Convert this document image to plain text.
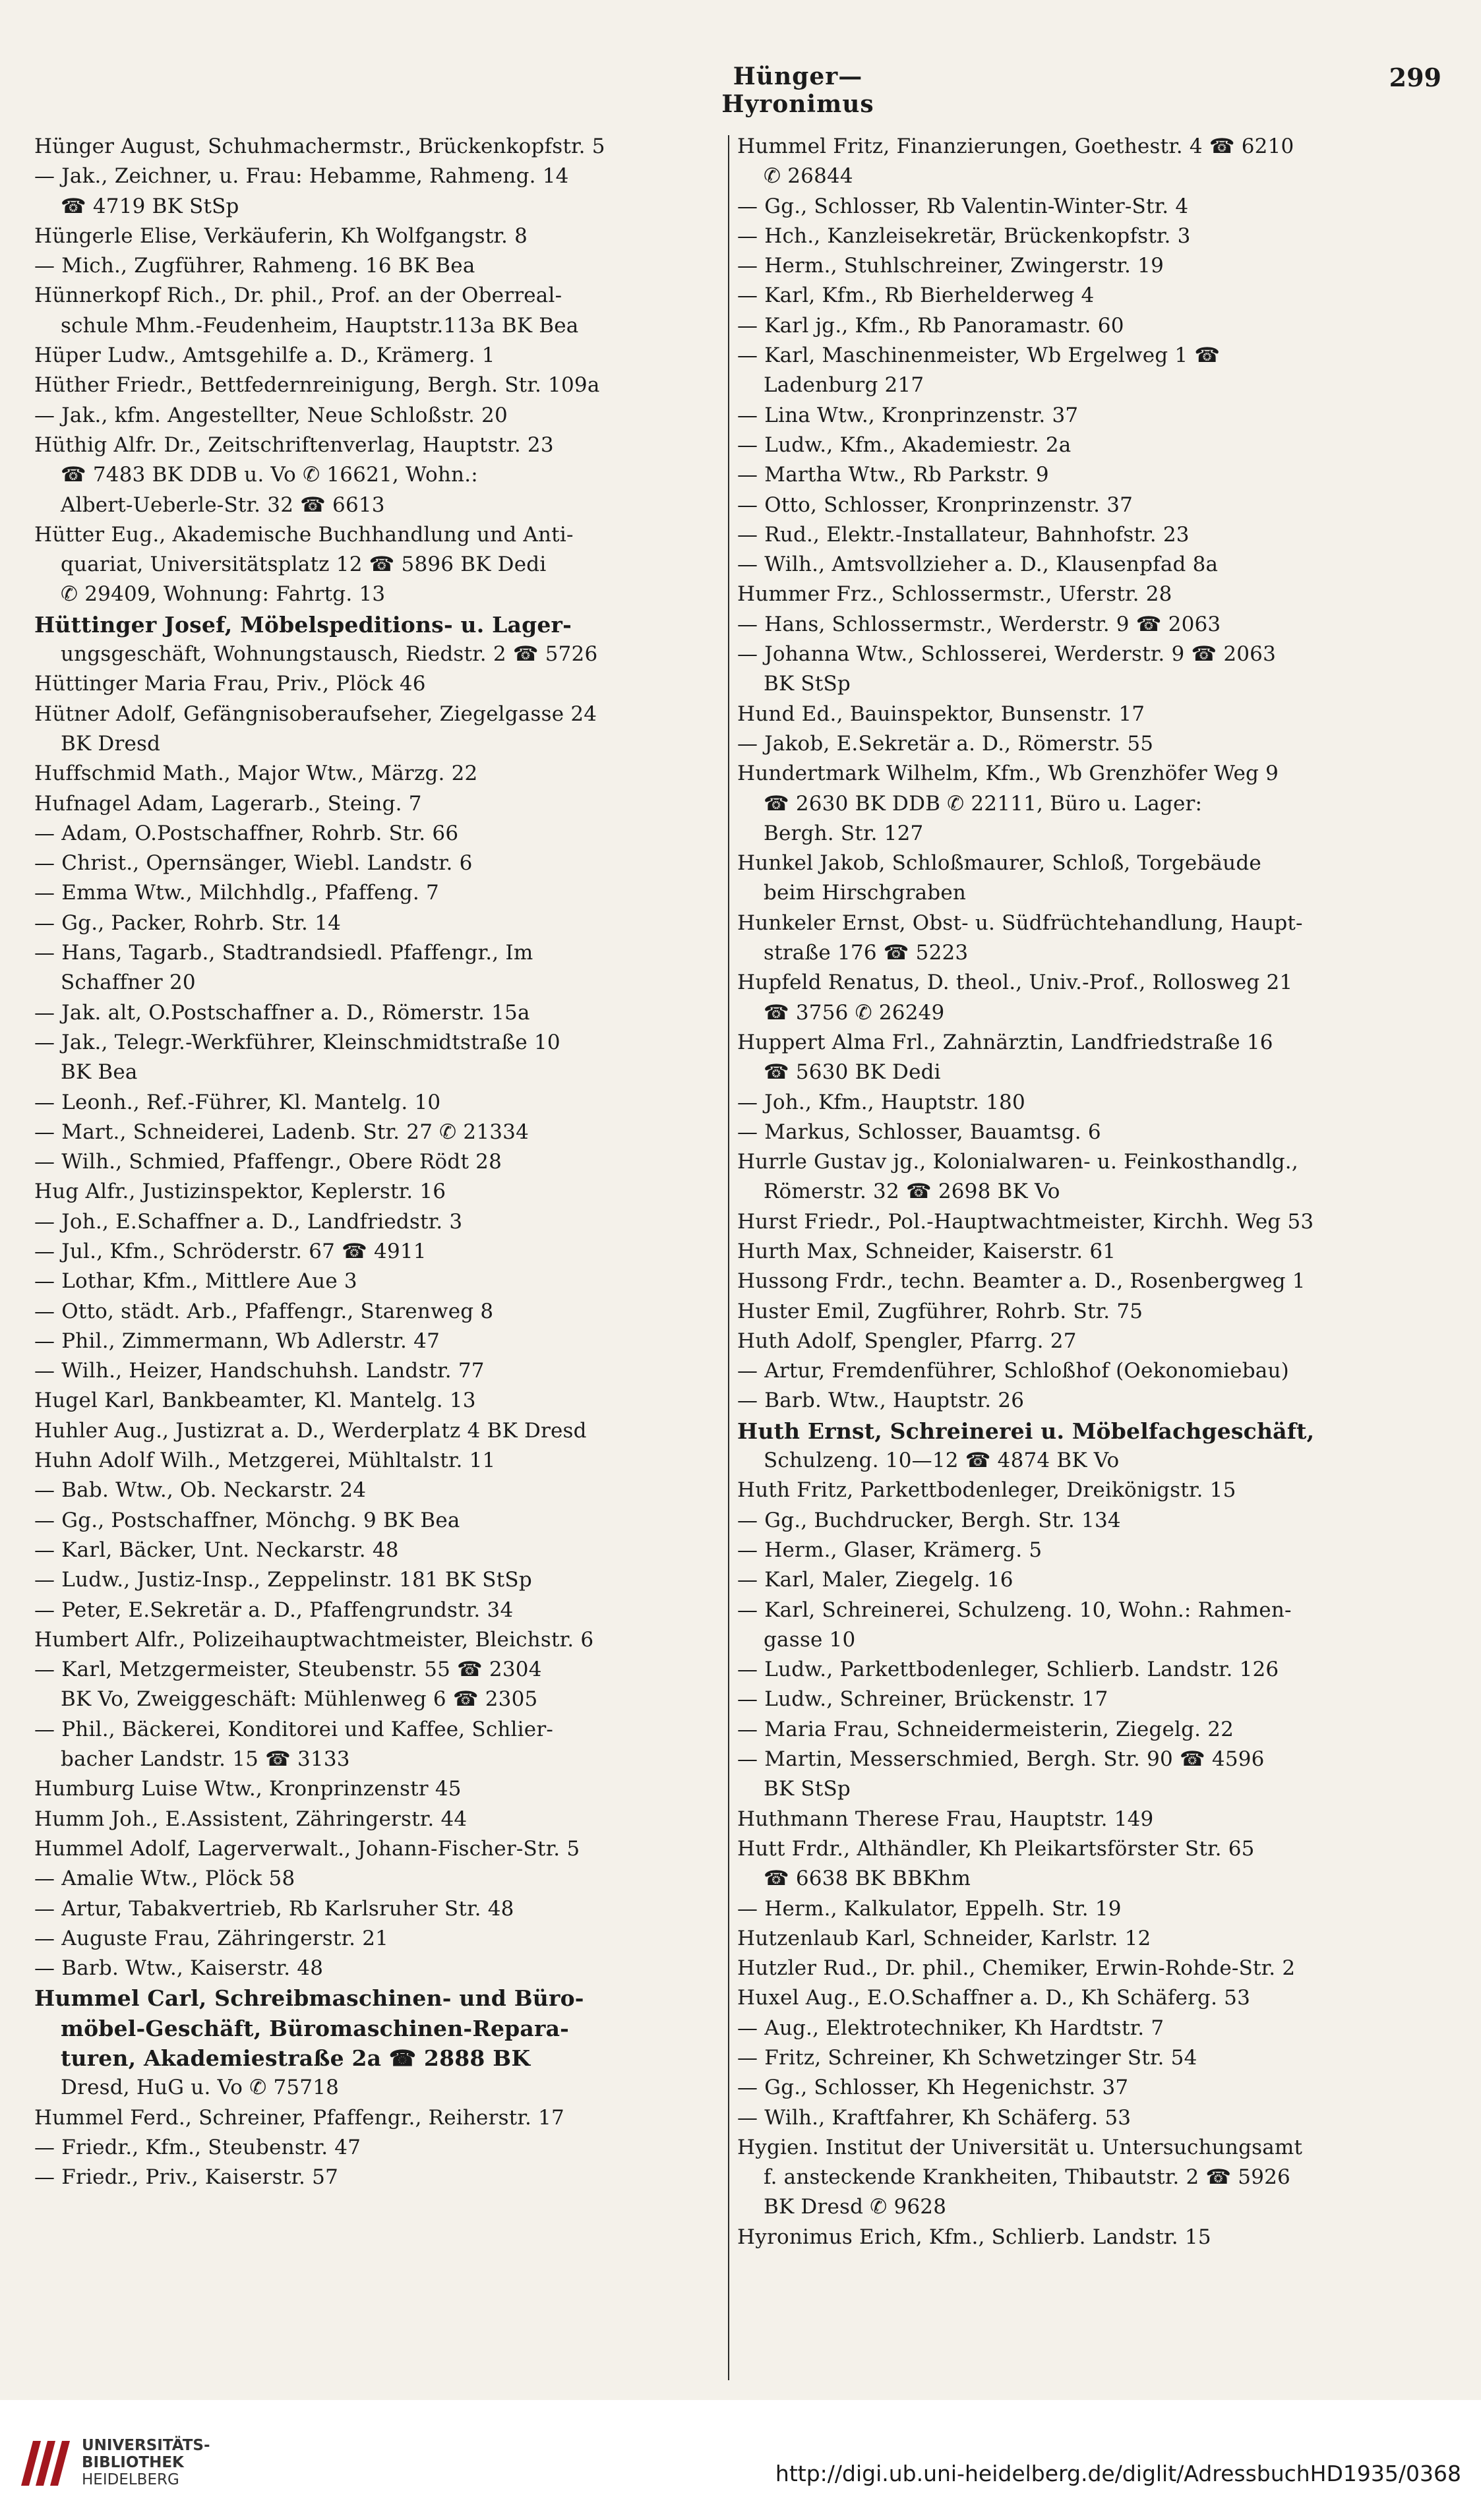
Hünger—Hyronimus
299
Hünger August, Schuhmachermstr., Brückenkopfstr. 5
— Jak., Zeichner, u. Frau: Hebamme, Rahmeng. 14
☎ 4719 BK StSp
Hüngerle Elise, Verkäuferin, Kh Wolfgangstr. 8
— Mich., Zugführer, Rahmeng. 16 BK Bea
Hünnerkopf Rich., Dr. phil., Prof. an der Oberreal-
schule Mhm.-Feudenheim, Hauptstr.113a BK Bea
Hüper Ludw., Amtsgehilfe a. D., Krämerg. 1
Hüther Friedr., Bettfedernreinigung, Bergh. Str. 109a
— Jak., kfm. Angestellter, Neue Schloßstr. 20
Hüthig Alfr. Dr., Zeitschriftenverlag, Hauptstr. 23
☎ 7483 BK DDB u. Vo ✆ 16621, Wohn.:
Albert-Ueberle-Str. 32 ☎ 6613
Hütter Eug., Akademische Buchhandlung und Anti-
quariat, Universitätsplatz 12 ☎ 5896 BK Dedi
✆ 29409, Wohnung: Fahrtg. 13
Hüttinger Josef, Möbelspeditions- u. Lager-
ungsgeschäft, Wohnungstausch, Riedstr. 2 ☎ 5726
Hüttinger Maria Frau, Priv., Plöck 46
Hütner Adolf, Gefängnisoberaufseher, Ziegelgasse 24
BK Dresd
Huffschmid Math., Major Wtw., Märzg. 22
Hufnagel Adam, Lagerarb., Steing. 7
— Adam, O.Postschaffner, Rohrb. Str. 66
— Christ., Opernsänger, Wiebl. Landstr. 6
— Emma Wtw., Milchhdlg., Pfaffeng. 7
— Gg., Packer, Rohrb. Str. 14
— Hans, Tagarb., Stadtrandsiedl. Pfaffengr., Im
Schaffner 20
— Jak. alt, O.Postschaffner a. D., Römerstr. 15a
— Jak., Telegr.-Werkführer, Kleinschmidtstraße 10
BK Bea
— Leonh., Ref.-Führer, Kl. Mantelg. 10
— Mart., Schneiderei, Ladenb. Str. 27 ✆ 21334
— Wilh., Schmied, Pfaffengr., Obere Rödt 28
Hug Alfr., Justizinspektor, Keplerstr. 16
— Joh., E.Schaffner a. D., Landfriedstr. 3
— Jul., Kfm., Schröderstr. 67 ☎ 4911
— Lothar, Kfm., Mittlere Aue 3
— Otto, städt. Arb., Pfaffengr., Starenweg 8
— Phil., Zimmermann, Wb Adlerstr. 47
— Wilh., Heizer, Handschuhsh. Landstr. 77
Hugel Karl, Bankbeamter, Kl. Mantelg. 13
Huhler Aug., Justizrat a. D., Werderplatz 4 BK Dresd
Huhn Adolf Wilh., Metzgerei, Mühltalstr. 11
— Bab. Wtw., Ob. Neckarstr. 24
— Gg., Postschaffner, Mönchg. 9 BK Bea
— Karl, Bäcker, Unt. Neckarstr. 48
— Ludw., Justiz-Insp., Zeppelinstr. 181 BK StSp
— Peter, E.Sekretär a. D., Pfaffengrundstr. 34
Humbert Alfr., Polizeihauptwachtmeister, Bleichstr. 6
— Karl, Metzgermeister, Steubenstr. 55 ☎ 2304
BK Vo, Zweiggeschäft: Mühlenweg 6 ☎ 2305
— Phil., Bäckerei, Konditorei und Kaffee, Schlier-
bacher Landstr. 15 ☎ 3133
Humburg Luise Wtw., Kronprinzenstr 45
Humm Joh., E.Assistent, Zähringerstr. 44
Hummel Adolf, Lagerverwalt., Johann-Fischer-Str. 5
— Amalie Wtw., Plöck 58
— Artur, Tabakvertrieb, Rb Karlsruher Str. 48
— Auguste Frau, Zähringerstr. 21
— Barb. Wtw., Kaiserstr. 48
Hummel Carl, Schreibmaschinen- und Büro-
möbel-Geschäft, Büromaschinen-Repara-
turen, Akademiestraße 2a ☎ 2888 BK
Dresd, HuG u. Vo ✆ 75718
Hummel Ferd., Schreiner, Pfaffengr., Reiherstr. 17
— Friedr., Kfm., Steubenstr. 47
— Friedr., Priv., Kaiserstr. 57
Hummel Fritz, Finanzierungen, Goethestr. 4 ☎ 6210
✆ 26844
— Gg., Schlosser, Rb Valentin-Winter-Str. 4
— Hch., Kanzleisekretär, Brückenkopfstr. 3
— Herm., Stuhlschreiner, Zwingerstr. 19
— Karl, Kfm., Rb Bierhelderweg 4
— Karl jg., Kfm., Rb Panoramastr. 60
— Karl, Maschinenmeister, Wb Ergelweg 1 ☎
Ladenburg 217
— Lina Wtw., Kronprinzenstr. 37
— Ludw., Kfm., Akademiestr. 2a
— Martha Wtw., Rb Parkstr. 9
— Otto, Schlosser, Kronprinzenstr. 37
— Rud., Elektr.-Installateur, Bahnhofstr. 23
— Wilh., Amtsvollzieher a. D., Klausenpfad 8a
Hummer Frz., Schlossermstr., Uferstr. 28
— Hans, Schlossermstr., Werderstr. 9 ☎ 2063
— Johanna Wtw., Schlosserei, Werderstr. 9 ☎ 2063
BK StSp
Hund Ed., Bauinspektor, Bunsenstr. 17
— Jakob, E.Sekretär a. D., Römerstr. 55
Hundertmark Wilhelm, Kfm., Wb Grenzhöfer Weg 9
☎ 2630 BK DDB ✆ 22111, Büro u. Lager:
Bergh. Str. 127
Hunkel Jakob, Schloßmaurer, Schloß, Torgebäude
beim Hirschgraben
Hunkeler Ernst, Obst- u. Südfrüchtehandlung, Haupt-
straße 176 ☎ 5223
Hupfeld Renatus, D. theol., Univ.-Prof., Rollosweg 21
☎ 3756 ✆ 26249
Huppert Alma Frl., Zahnärztin, Landfriedstraße 16
☎ 5630 BK Dedi
— Joh., Kfm., Hauptstr. 180
— Markus, Schlosser, Bauamtsg. 6
Hurrle Gustav jg., Kolonialwaren- u. Feinkosthandlg.,
Römerstr. 32 ☎ 2698 BK Vo
Hurst Friedr., Pol.-Hauptwachtmeister, Kirchh. Weg 53
Hurth Max, Schneider, Kaiserstr. 61
Hussong Frdr., techn. Beamter a. D., Rosenbergweg 1
Huster Emil, Zugführer, Rohrb. Str. 75
Huth Adolf, Spengler, Pfarrg. 27
— Artur, Fremdenführer, Schloßhof (Oekonomiebau)
— Barb. Wtw., Hauptstr. 26
Huth Ernst, Schreinerei u. Möbelfachgeschäft,
Schulzeng. 10—12 ☎ 4874 BK Vo
Huth Fritz, Parkettbodenleger, Dreikönigstr. 15
— Gg., Buchdrucker, Bergh. Str. 134
— Herm., Glaser, Krämerg. 5
— Karl, Maler, Ziegelg. 16
— Karl, Schreinerei, Schulzeng. 10, Wohn.: Rahmen-
gasse 10
— Ludw., Parkettbodenleger, Schlierb. Landstr. 126
— Ludw., Schreiner, Brückenstr. 17
— Maria Frau, Schneidermeisterin, Ziegelg. 22
— Martin, Messerschmied, Bergh. Str. 90 ☎ 4596
BK StSp
Huthmann Therese Frau, Hauptstr. 149
Hutt Frdr., Althändler, Kh Pleikartsförster Str. 65
☎ 6638 BK BBKhm
— Herm., Kalkulator, Eppelh. Str. 19
Hutzenlaub Karl, Schneider, Karlstr. 12
Hutzler Rud., Dr. phil., Chemiker, Erwin-Rohde-Str. 2
Huxel Aug., E.O.Schaffner a. D., Kh Schäferg. 53
— Aug., Elektrotechniker, Kh Hardtstr. 7
— Fritz, Schreiner, Kh Schwetzinger Str. 54
— Gg., Schlosser, Kh Hegenichstr. 37
— Wilh., Kraftfahrer, Kh Schäferg. 53
Hygien. Institut der Universität u. Untersuchungsamt
f. ansteckende Krankheiten, Thibautstr. 2 ☎ 5926
BK Dresd ✆ 9628
Hyronimus Erich, Kfm., Schlierb. Landstr. 15
UNIVERSITÄTS-
BIBLIOTHEK
HEIDELBERG	http://digi.ub.uni-heidelberg.de/diglit/AdressbuchHD1935/0368
